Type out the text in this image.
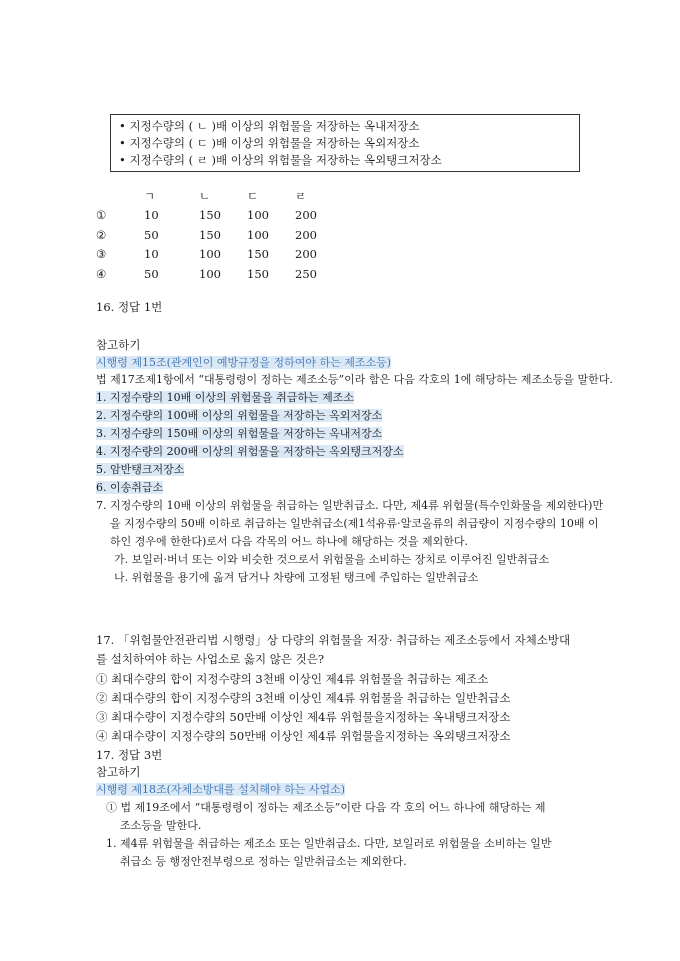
• 지정수량의 ( ㄴ )배 이상의 위험물을 저장하는 옥내저장소
• 지정수량의 ( ㄷ )배 이상의 위험물을 저장하는 옥외저장소
• 지정수량의 ( ㄹ )배 이상의 위험물을 저장하는 옥외탱크저장소
	ㄱ	ㄴ	ㄷ	ㄹ
①	10	150	100	200
②	50	150	100	200
③	10	100	150	200
④	50	100	150	250
16. 정답 1번
참고하기
시행령 제15조(관계인이 예방규정을 정하여야 하는 제조소등)
법 제17조제1항에서 “대통령령이 정하는 제조소등”이라 함은 다음 각호의 1에 해당하는 제조소등을 말한다.
1. 지정수량의 10배 이상의 위험물을 취급하는 제조소
2. 지정수량의 100배 이상의 위험물을 저장하는 옥외저장소
3. 지정수량의 150배 이상의 위험물을 저장하는 옥내저장소
4. 지정수량의 200배 이상의 위험물을 저장하는 옥외탱크저장소
5. 암반탱크저장소
6. 이송취급소
7. 지정수량의 10배 이상의 위험물을 취급하는 일반취급소. 다만, 제4류 위험물(특수인화물을 제외한다)만
을 지정수량의 50배 이하로 취급하는 일반취급소(제1석유류·알코올류의 취급량이 지정수량의 10배 이
하인 경우에 한한다)로서 다음 각목의 어느 하나에 해당하는 것을 제외한다.
가. 보일러·버너 또는 이와 비슷한 것으로서 위험물을 소비하는 장치로 이루어진 일반취급소
나. 위험물을 용기에 옮겨 담거나 차량에 고정된 탱크에 주입하는 일반취급소
17. 「위험물안전관리법 시행령」상 다량의 위험물을 저장· 취급하는 제조소등에서 자체소방대
를 설치하여야 하는 사업소로 옳지 않은 것은?
① 최대수량의 합이 지정수량의 3천배 이상인 제4류 위험물을 취급하는 제조소
② 최대수량의 합이 지정수량의 3천배 이상인 제4류 위험물을 취급하는 일반취급소
③ 최대수량이 지정수량의 50만배 이상인 제4류 위험물을지정하는 옥내탱크저장소
④ 최대수량이 지정수량의 50만배 이상인 제4류 위험물을지정하는 옥외탱크저장소
17. 정답 3번
참고하기
시행령 제18조(자체소방대를 설치해야 하는 사업소)
① 법 제19조에서 “대통령령이 정하는 제조소등”이란 다음 각 호의 어느 하나에 해당하는 제
조소등을 말한다.
1. 제4류 위험물을 취급하는 제조소 또는 일반취급소. 다만, 보일러로 위험물을 소비하는 일반
취급소 등 행정안전부령으로 정하는 일반취급소는 제외한다.
